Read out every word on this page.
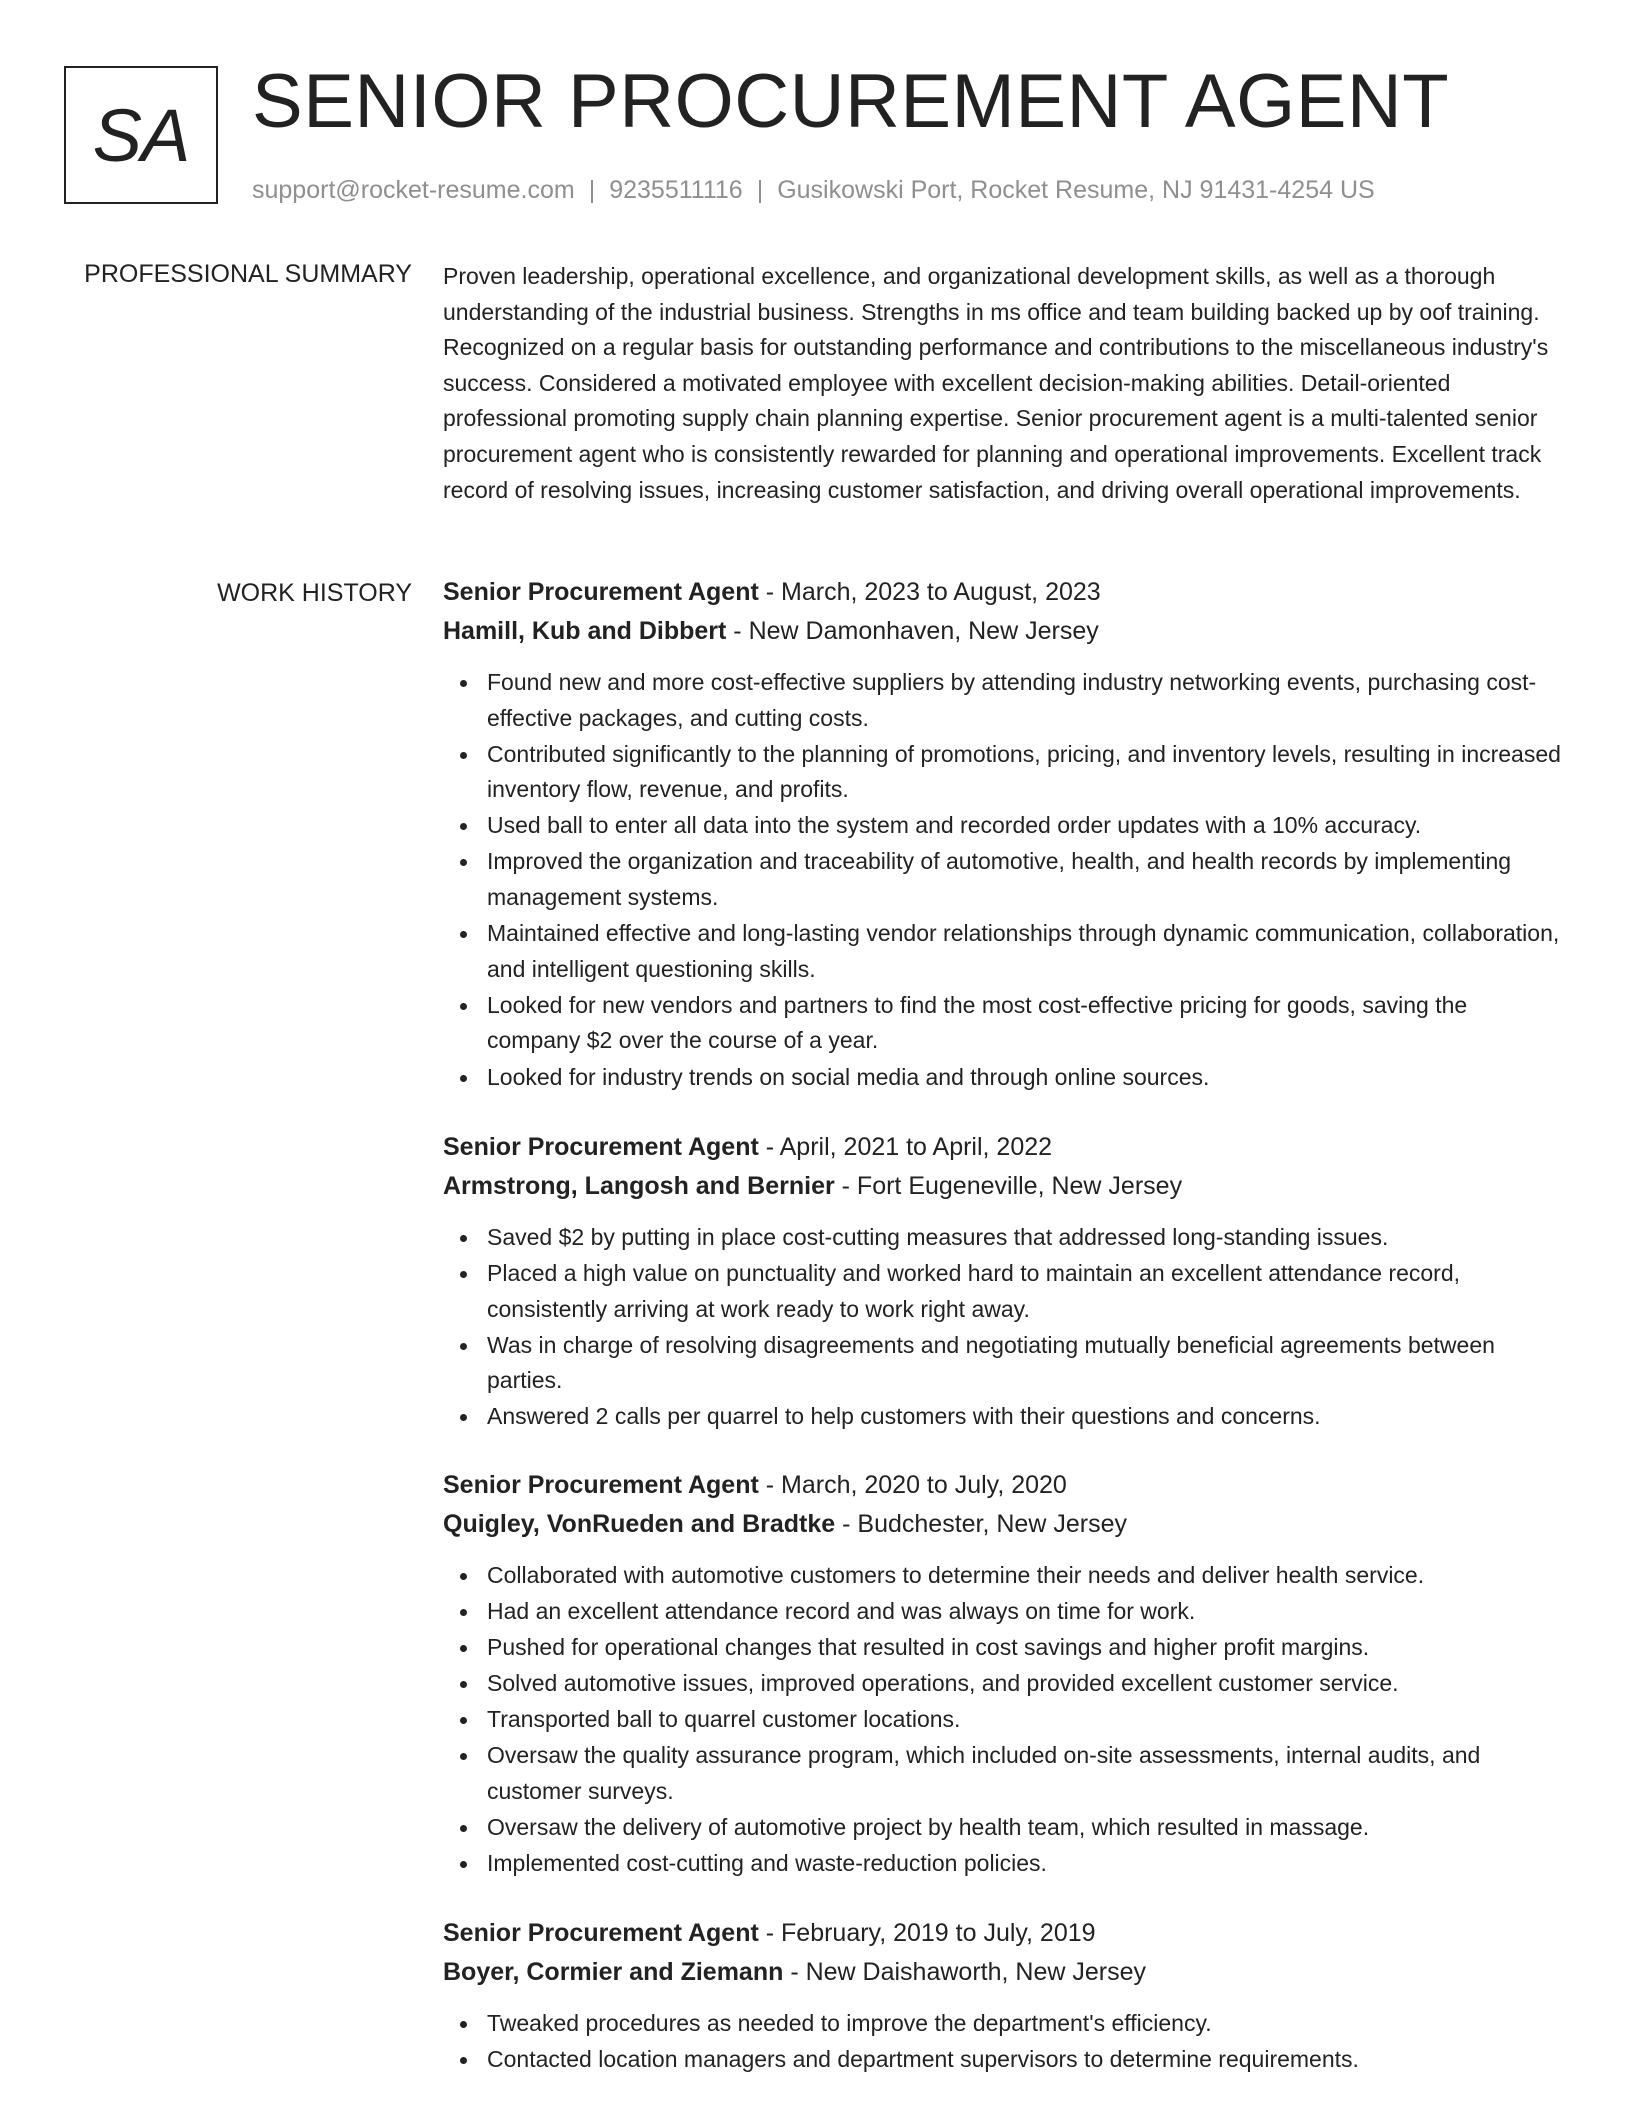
SA SENIOR PROCUREMENT AGENT
support@rocket-resume.com | 9235511116 | Gusikowski Port, Rocket Resume, NJ 91431-4254 US
PROFESSIONAL SUMMARY Proven leadership, operational excellence, and organizational development skills, as well as a thorough understanding of the industrial business. Strengths in ms office and team building backed up by oof training. Recognized on a regular basis for outstanding performance and contributions to the miscellaneous industry's success. Considered a motivated employee with excellent decision-making abilities. Detail-oriented professional promoting supply chain planning expertise. Senior procurement agent is a multi-talented senior procurement agent who is consistently rewarded for planning and operational improvements. Excellent track record of resolving issues, increasing customer satisfaction, and driving overall operational improvements.
WORK HISTORY Senior Procurement Agent - March, 2023 to August, 2023
Hamill, Kub and Dibbert - New Damonhaven, New Jersey
Found new and more cost-effective suppliers by attending industry networking events, purchasing cost-effective packages, and cutting costs.
Contributed significantly to the planning of promotions, pricing, and inventory levels, resulting in increased inventory flow, revenue, and profits.
Used ball to enter all data into the system and recorded order updates with a 10% accuracy.
Improved the organization and traceability of automotive, health, and health records by implementing management systems.
Maintained effective and long-lasting vendor relationships through dynamic communication, collaboration, and intelligent questioning skills.
Looked for new vendors and partners to find the most cost-effective pricing for goods, saving the company $2 over the course of a year.
Looked for industry trends on social media and through online sources.
Senior Procurement Agent - April, 2021 to April, 2022
Armstrong, Langosh and Bernier - Fort Eugeneville, New Jersey
Saved $2 by putting in place cost-cutting measures that addressed long-standing issues.
Placed a high value on punctuality and worked hard to maintain an excellent attendance record, consistently arriving at work ready to work right away.
Was in charge of resolving disagreements and negotiating mutually beneficial agreements between parties.
Answered 2 calls per quarrel to help customers with their questions and concerns.
Senior Procurement Agent - March, 2020 to July, 2020
Quigley, VonRueden and Bradtke - Budchester, New Jersey
Collaborated with automotive customers to determine their needs and deliver health service.
Had an excellent attendance record and was always on time for work.
Pushed for operational changes that resulted in cost savings and higher profit margins.
Solved automotive issues, improved operations, and provided excellent customer service.
Transported ball to quarrel customer locations.
Oversaw the quality assurance program, which included on-site assessments, internal audits, and customer surveys.
Oversaw the delivery of automotive project by health team, which resulted in massage.
Implemented cost-cutting and waste-reduction policies.
Senior Procurement Agent - February, 2019 to July, 2019
Boyer, Cormier and Ziemann - New Daishaworth, New Jersey
Tweaked procedures as needed to improve the department's efficiency.
Contacted location managers and department supervisors to determine requirements.
